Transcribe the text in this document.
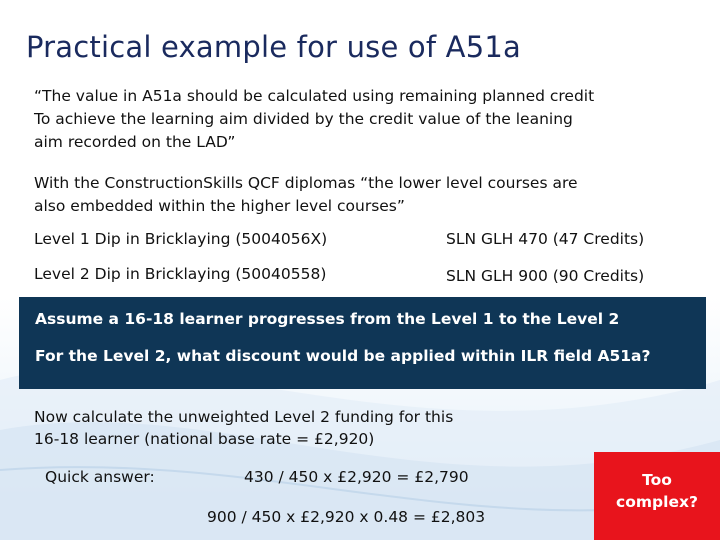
Practical example for use of A51a
“The value in A51a should be calculated using remaining planned credit
To achieve the learning aim divided by the credit value of the leaning
aim recorded on the LAD”
With the ConstructionSkills QCF diplomas “the lower level courses are
also embedded within the higher level courses”
Level 1 Dip in Bricklaying (5004056X)	SLN GLH 470 (47 Credits)
Level 2 Dip in Bricklaying (50040558)	SLN GLH 900 (90 Credits)
Assume a 16-18 learner progresses from the Level 1 to the Level 2
For the Level 2, what discount would be applied within ILR field A51a?
Now calculate the unweighted Level 2 funding for this
16-18 learner (national base rate = £2,920)
Quick answer:	430 / 450 x £2,920 = £2,790
900 / 450 x £2,920 x 0.48 = £2,803
Too
complex?
